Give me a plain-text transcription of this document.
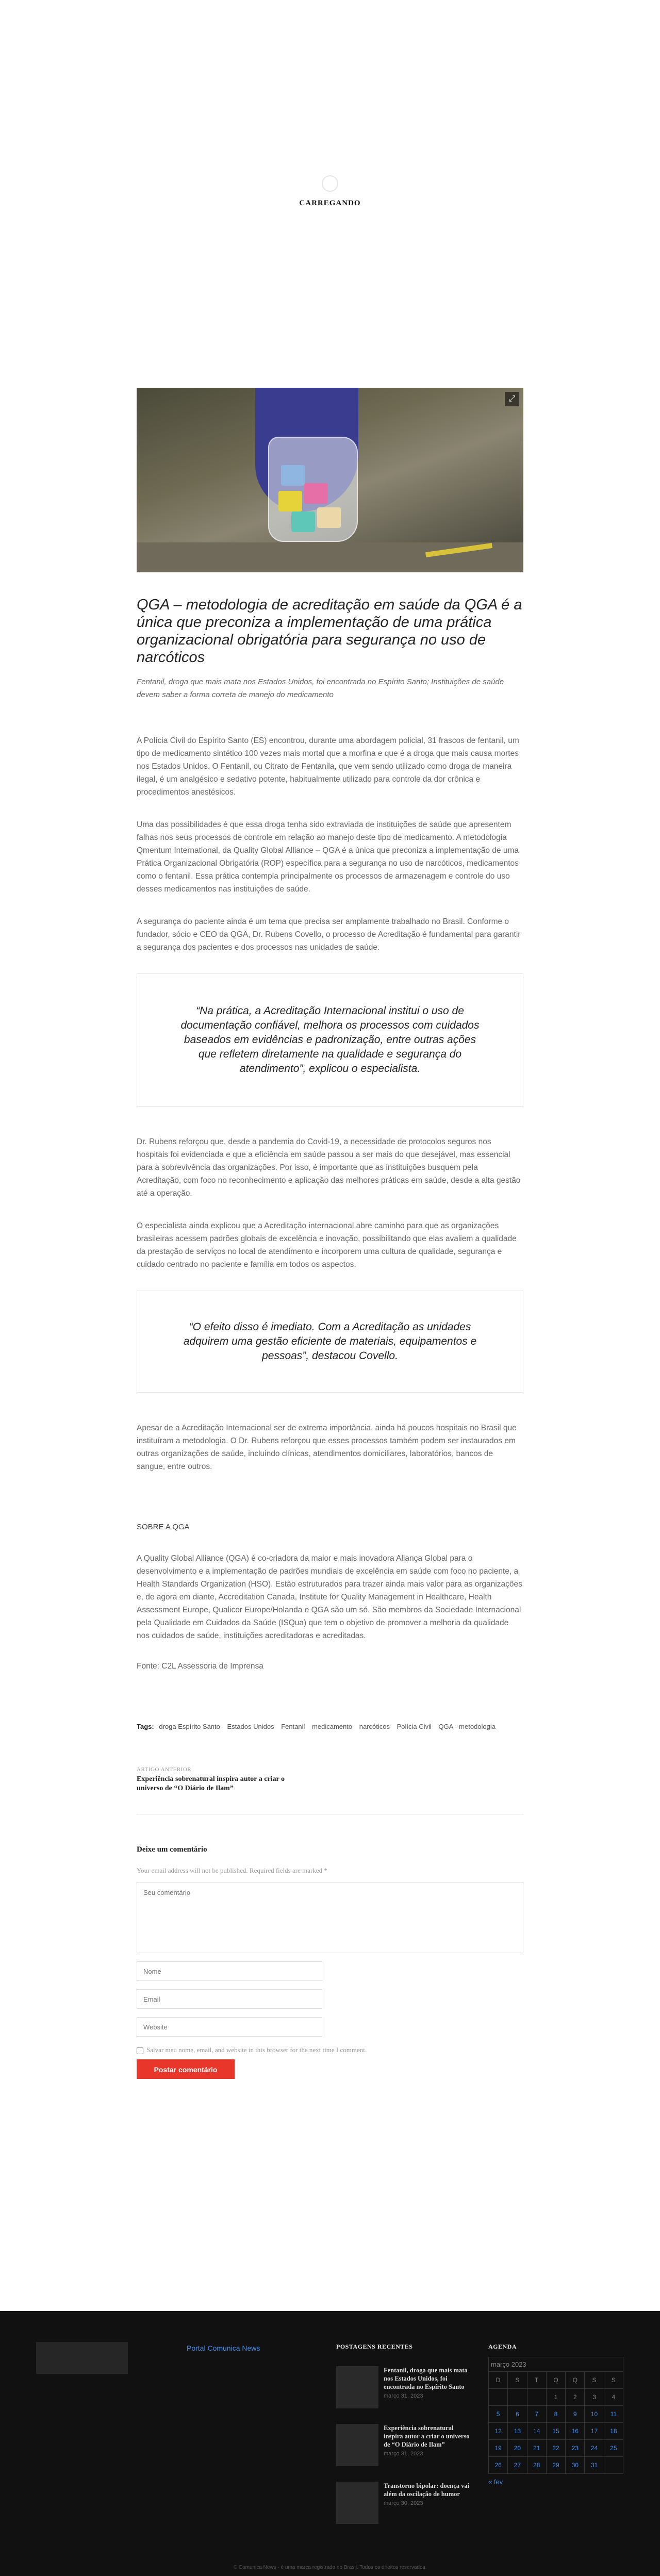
CARREGANDO
⤢
QGA – metodologia de acreditação em saúde da QGA é a única que preconiza a implementação de uma prática organizacional obrigatória para segurança no uso de narcóticos

Fentanil, droga que mais mata nos Estados Unidos, foi encontrada no Espírito Santo; Instituições de saúde devem saber a forma correta de manejo do medicamento

A Polícia Civil do Espírito Santo (ES) encontrou, durante uma abordagem policial, 31 frascos de fentanil, um tipo de medicamento sintético 100 vezes mais mortal que a morfina e que é a droga que mais causa mortes nos Estados Unidos. O Fentanil, ou Citrato de Fentanila, que vem sendo utilizado como droga de maneira ilegal, é um analgésico e sedativo potente, habitualmente utilizado para controle da dor crônica e procedimentos anestésicos.

Uma das possibilidades é que essa droga tenha sido extraviada de instituições de saúde que apresentem falhas nos seus processos de controle em relação ao manejo deste tipo de medicamento. A metodologia Qmentum International, da Quality Global Alliance – QGA é a única que preconiza a implementação de uma Prática Organizacional Obrigatória (ROP) específica para a segurança no uso de narcóticos, medicamentos como o fentanil. Essa prática contempla principalmente os processos de armazenagem e controle do uso desses medicamentos nas instituições de saúde.

A segurança do paciente ainda é um tema que precisa ser amplamente trabalhado no Brasil. Conforme o fundador, sócio e CEO da QGA, Dr. Rubens Covello, o processo de Acreditação é fundamental para garantir a segurança dos pacientes e dos processos nas unidades de saúde.

“Na prática, a Acreditação Internacional institui o uso de documentação confiável, melhora os processos com cuidados baseados em evidências e padronização, entre outras ações que refletem diretamente na qualidade e segurança do atendimento”, explicou o especialista.

Dr. Rubens reforçou que, desde a pandemia do Covid-19, a necessidade de protocolos seguros nos hospitais foi evidenciada e que a eficiência em saúde passou a ser mais do que desejável, mas essencial para a sobrevivência das organizações. Por isso, é importante que as instituições busquem pela Acreditação, com foco no reconhecimento e aplicação das melhores práticas em saúde, desde a alta gestão até a operação.

O especialista ainda explicou que a Acreditação internacional abre caminho para que as organizações brasileiras acessem padrões globais de excelência e inovação, possibilitando que elas avaliem a qualidade da prestação de serviços no local de atendimento e incorporem uma cultura de qualidade, segurança e cuidado centrado no paciente e família em todos os aspectos.

“O efeito disso é imediato. Com a Acreditação as unidades adquirem uma gestão eficiente de materiais, equipamentos e pessoas”, destacou Covello.

Apesar de a Acreditação Internacional ser de extrema importância, ainda há poucos hospitais no Brasil que instituíram a metodologia. O Dr. Rubens reforçou que esses processos também podem ser instaurados em outras organizações de saúde, incluindo clínicas, atendimentos domiciliares, laboratórios, bancos de sangue, entre outros.

SOBRE A QGA

A Quality Global Alliance (QGA) é co-criadora da maior e mais inovadora Aliança Global para o desenvolvimento e a implementação de padrões mundiais de excelência em saúde com foco no paciente, a Health Standards Organization (HSO). Estão estruturados para trazer ainda mais valor para as organizações e, de agora em diante, Accreditation Canada, Institute for Quality Management in Healthcare, Health Assessment Europe, Qualicor Europe/Holanda e QGA são um só. São membros da Sociedade Internacional pela Qualidade em Cuidados da Saúde (ISQua) que tem o objetivo de promover a melhoria da qualidade nos cuidados de saúde, instituições acreditadoras e acreditadas.

Fonte: C2L Assessoria de Imprensa

Tags: droga Espírito Santo Estados Unidos Fentanil medicamento narcóticos Polícia Civil QGA - metodologia
ARTIGO ANTERIOR
Experiência sobrenatural inspira autor a criar o universo de “O Diário de Ilam”
Deixe um comentário
Your email address will not be published. Required fields are marked *
Seu comentário
Nome
Email
Website
Salvar meu nome, email, and website in this browser for the next time I comment.
Postar comentário
Portal Comunica News	POSTAGENS RECENTES
Fentanil, droga que mais mata nos Estados Unidos, foi encontrada no Espírito Santo
março 31, 2023
Experiência sobrenatural inspira autor a criar o universo de “O Diário de Ilam”
março 31, 2023
Transtorno bipolar: doença vai além da oscilação de humor
março 30, 2023
AGENDA
março 2023
D	S	T	Q	Q	S	S
			1	2	3	4
5	6	7	8	9	10	11
12	13	14	15	16	17	18
19	20	21	22	23	24	25
26	27	28	29	30	31	
« fev
© Comunica News - é uma marca registrada no Brasil. Todos os direitos reservados.
